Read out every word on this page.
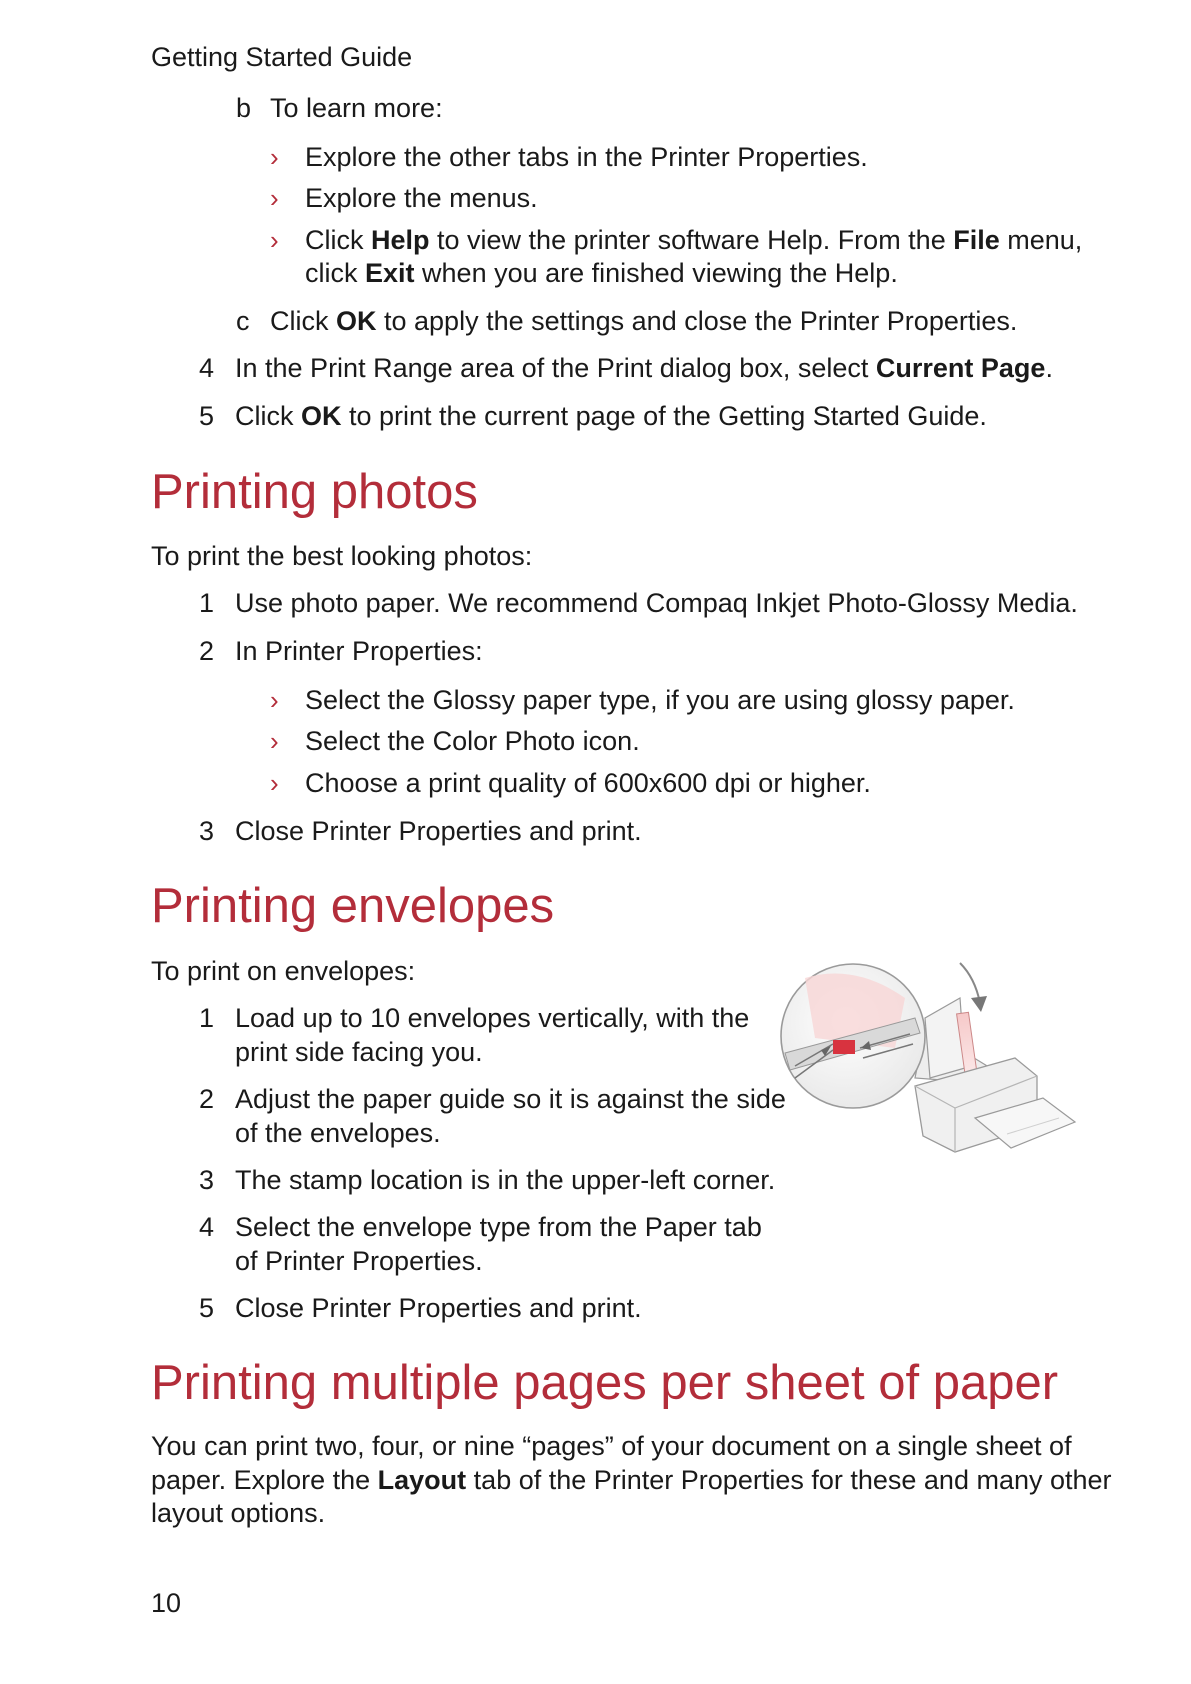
Getting Started Guide
b To learn more:
› Explore the other tabs in the Printer Properties.
› Explore the menus.
› Click Help to view the printer software Help. From the File menu,
click Exit when you are finished viewing the Help.
c Click OK to apply the settings and close the Printer Properties.
4 In the Print Range area of the Print dialog box, select Current Page.
5 Click OK to print the current page of the Getting Started Guide.
Printing photos
To print the best looking photos:
1 Use photo paper. We recommend Compaq Inkjet Photo-Glossy Media.
2 In Printer Properties:
› Select the Glossy paper type, if you are using glossy paper.
› Select the Color Photo icon.
› Choose a print quality of 600x600 dpi or higher.
3 Close Printer Properties and print.
Printing envelopes
To print on envelopes:
1 Load up to 10 envelopes vertically, with the
print side facing you.
2 Adjust the paper guide so it is against the side
of the envelopes.
3 The stamp location is in the upper-left corner.
4 Select the envelope type from the Paper tab
of Printer Properties.
5 Close Printer Properties and print.
Printing multiple pages per sheet of paper
You can print two, four, or nine “pages” of your document on a single sheet of
paper. Explore the Layout tab of the Printer Properties for these and many other
layout options.
10
